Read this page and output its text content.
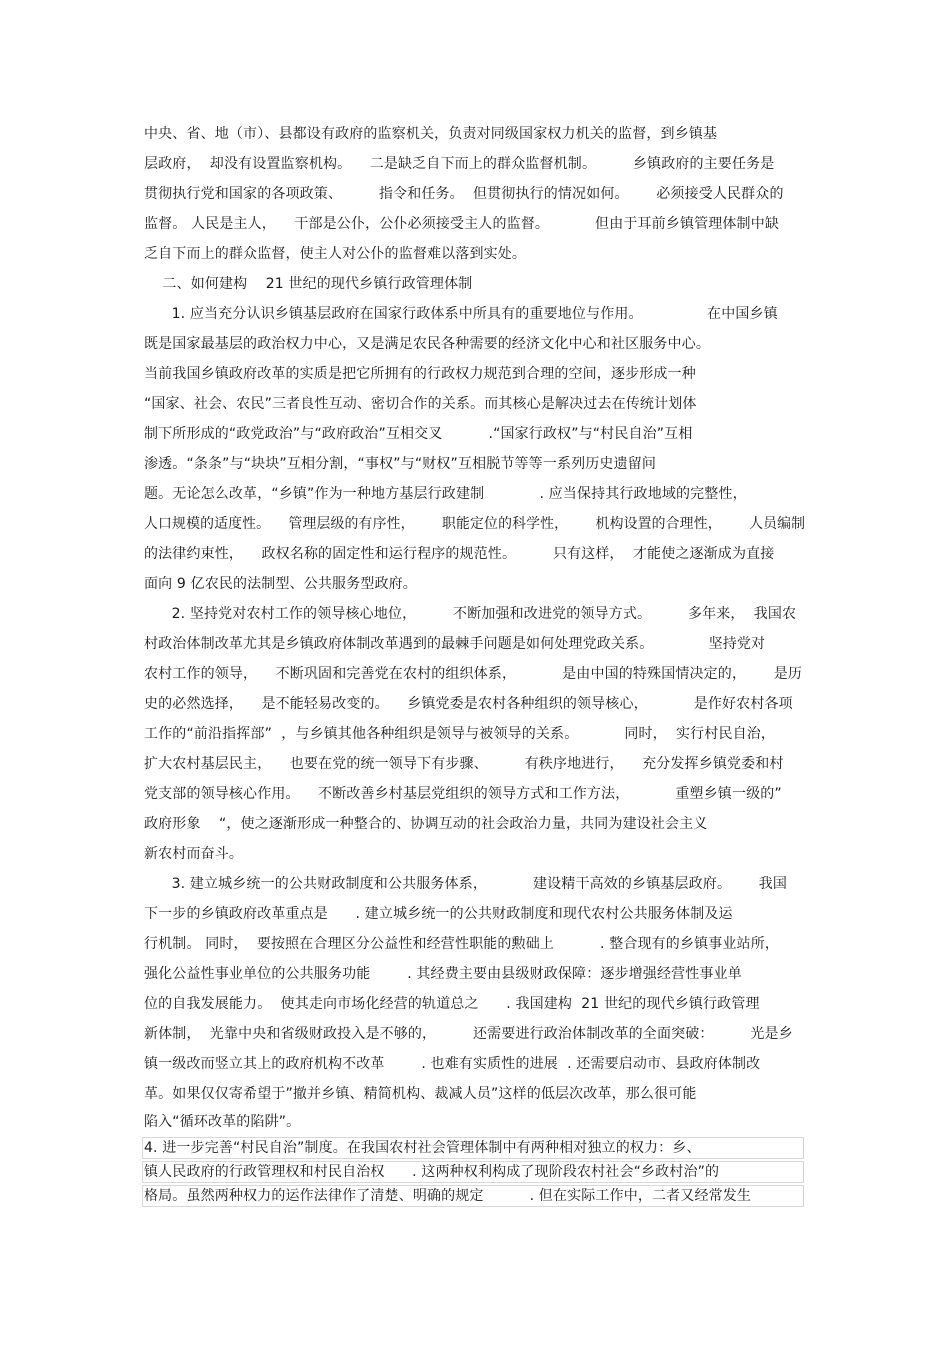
中央、省、地（市）、县都设有政府的监察机关，负责对同级国家权力机关的监督，到乡镇基
层政府，  却没有设置监察机构。    二是缺乏自下而上的群众监督机制。        乡镇政府的主要任务是
贯彻执行党和国家的各项政策、        指令和任务。  但贯彻执行的情况如何。      必须接受人民群众的
监督。 人民是主人，    干部是公仆，公仆必须接受主人的监督。          但由于耳前乡镇管理体制中缺
乏自下而上的群众监督，使主人对公仆的监督难以落到实处。
二、如何建构    21 世纪的现代乡镇行政管理体制
1. 应当充分认识乡镇基层政府在国家行政体系中所具有的重要地位与作用。              在中国乡镇
既是国家最基层的政治权力中心，又是满足农民各种需要的经济文化中心和社区服务中心。
当前我国乡镇政府改革的实质是把它所拥有的行政权力规范到合理的空间，逐步形成一种
“国家、社会、农民”三者良性互动、密切合作的关系。而其核心是解决过去在传统计划体
制下所形成的“政党政治”与“政府政治”互相交叉          .“国家行政权”与“村民自治”互相
渗透。“条条”与“块块”互相分割，“事权”与“财权”互相脱节等等一系列历史遗留问
题。无论怎么改革，“乡镇”作为一种地方基层行政建制            . 应当保持其行政地域的完整性，
人口规模的适度性。    管理层级的有序性，      职能定位的科学性，      机构设置的合理性，      人员编制
的法律约束性，    政权名称的固定性和运行程序的规范性。        只有这样，  才能使之逐渐成为直接
面向 9 亿农民的法制型、公共服务型政府。
2. 坚持党对农村工作的领导核心地位，        不断加强和改进党的领导方式。        多年来，  我国农
村政治体制改革尤其是乡镇政府体制改革遇到的最棘手问题是如何处理党政关系。            坚持党对
农村工作的领导，    不断巩固和完善党在农村的组织体系，          是由中国的特殊国情决定的，      是历
史的必然选择，    是不能轻易改变的。    乡镇党委是农村各种组织的领导核心，          是作好农村各项
工作的“前沿指挥部”  ，与乡镇其他各种组织是领导与被领导的关系。          同时，  实行村民自治，
扩大农村基层民主，    也要在党的统一领导下有步骤、        有秩序地进行，    充分发挥乡镇党委和村
党支部的领导核心作用。    不断改善乡村基层党组织的领导方式和工作方法，          重塑乡镇一级的”
政府形象    “，使之逐渐形成一种整合的、协调互动的社会政治力量，共同为建设社会主义
新农村而奋斗。
3. 建立城乡统一的公共财政制度和公共服务体系，          建设精干高效的乡镇基层政府。      我国
下一步的乡镇政府改革重点是      . 建立城乡统一的公共财政制度和现代农村公共服务体制及运
行机制。 同时，  要按照在合理区分公益性和经营性职能的勲础上          . 整合现有的乡镇事业站所，
强化公益性事业单位的公共服务功能        . 其经费主要由县级财政保障：逐步增强经营性事业单
位的自我发展能力。  使其走向市场化经营的轨道总之      . 我国建构  21 世纪的现代乡镇行政管理
新体制，  光靠中央和省级财政投入是不够的，        还需要进行政治体制改革的全面突破：        光是乡
镇一级改而竖立其上的政府机构不改革        . 也难有实质性的进展  . 还需要启动市、县政府体制改
革。如果仅仅寄希望于”撤并乡镇、精简机构、裁减人员”这样的低层次改革，那么很可能
陷入“循环改革的陷阱”。
4. 进一步完善“村民自治”制度。在我国农村社会管理体制中有两种相对独立的权力：乡、
镇人民政府的行政管理权和村民自治权      . 这两种权利构成了现阶段农村社会“乡政村治”的
格局。虽然两种权力的运作法律作了清楚、明确的规定          . 但在实际工作中，二者又经常发生
